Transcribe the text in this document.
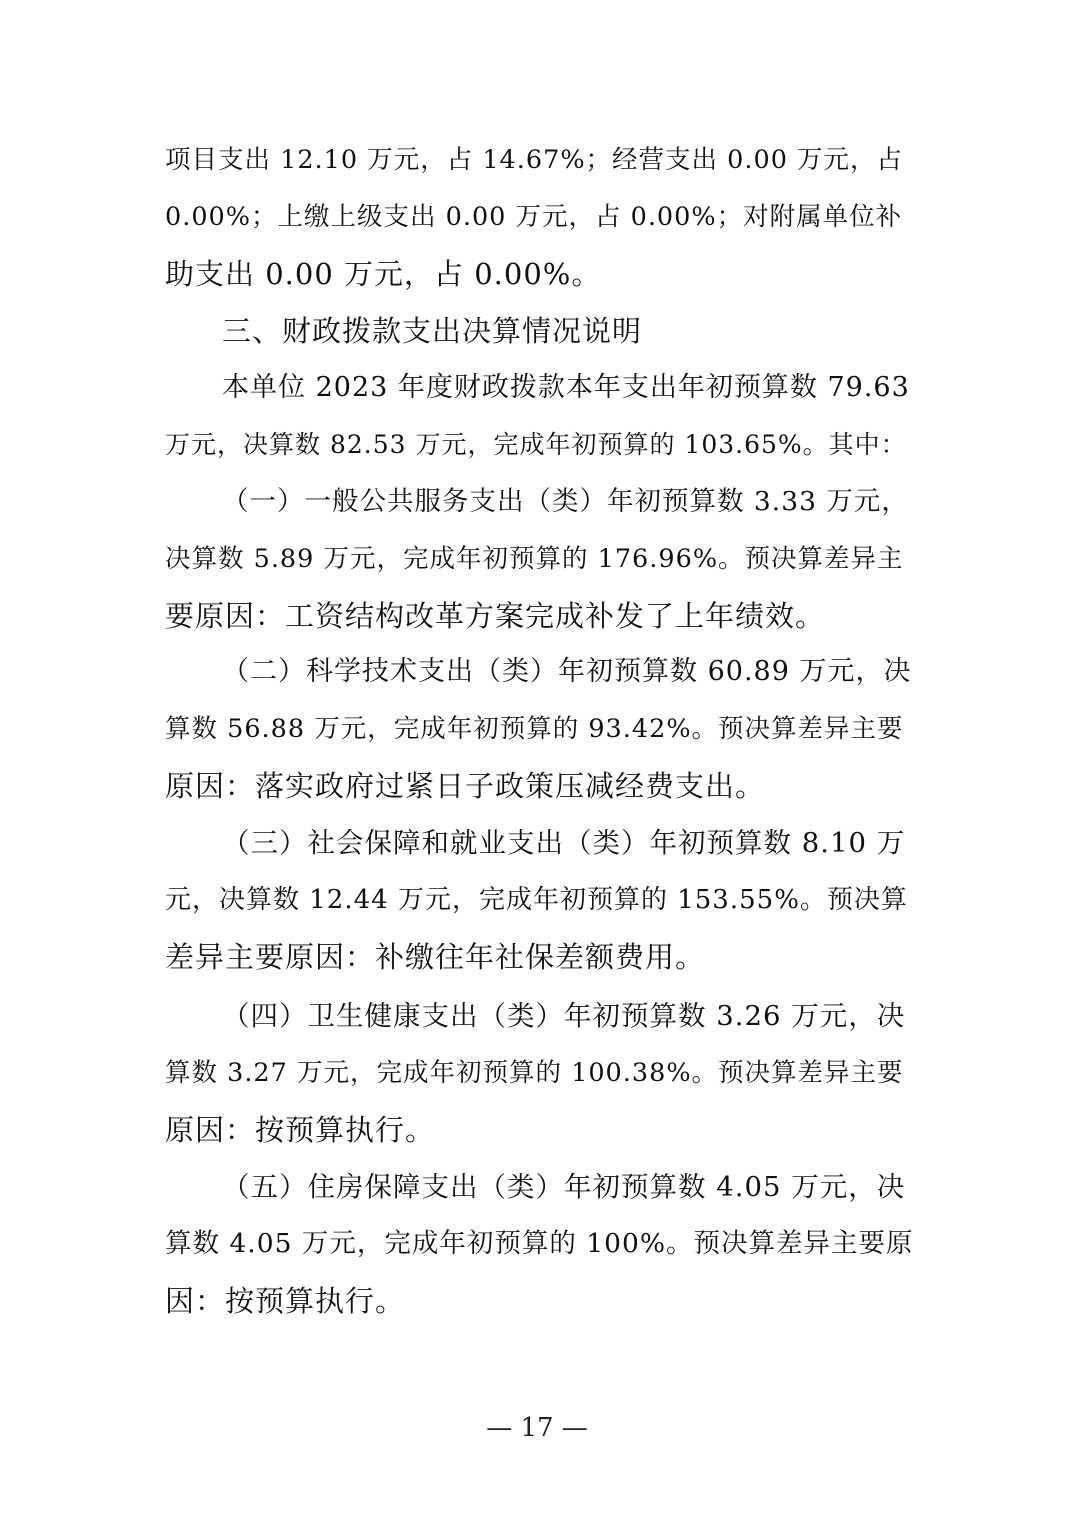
项目支出 12.10 万元，占 14.67%；经营支出 0.00 万元，占
0.00%；上缴上级支出 0.00 万元，占 0.00%；对附属单位补
助支出 0.00 万元，占 0.00%。
三、财政拨款支出决算情况说明
本单位 2023 年度财政拨款本年支出年初预算数 79.63
万元，决算数 82.53 万元，完成年初预算的 103.65%。其中：
（一）一般公共服务支出（类）年初预算数 3.33 万元，
决算数 5.89 万元，完成年初预算的 176.96%。预决算差异主
要原因：工资结构改革方案完成补发了上年绩效。
（二）科学技术支出（类）年初预算数 60.89 万元，决
算数 56.88 万元，完成年初预算的 93.42%。预决算差异主要
原因：落实政府过紧日子政策压减经费支出。
（三）社会保障和就业支出（类）年初预算数 8.10 万
元，决算数 12.44 万元，完成年初预算的 153.55%。预决算
差异主要原因：补缴往年社保差额费用。
（四）卫生健康支出（类）年初预算数 3.26 万元，决
算数 3.27 万元，完成年初预算的 100.38%。预决算差异主要
原因：按预算执行。
（五）住房保障支出（类）年初预算数 4.05 万元，决
算数 4.05 万元，完成年初预算的 100%。预决算差异主要原
因：按预算执行。
— 17 —
